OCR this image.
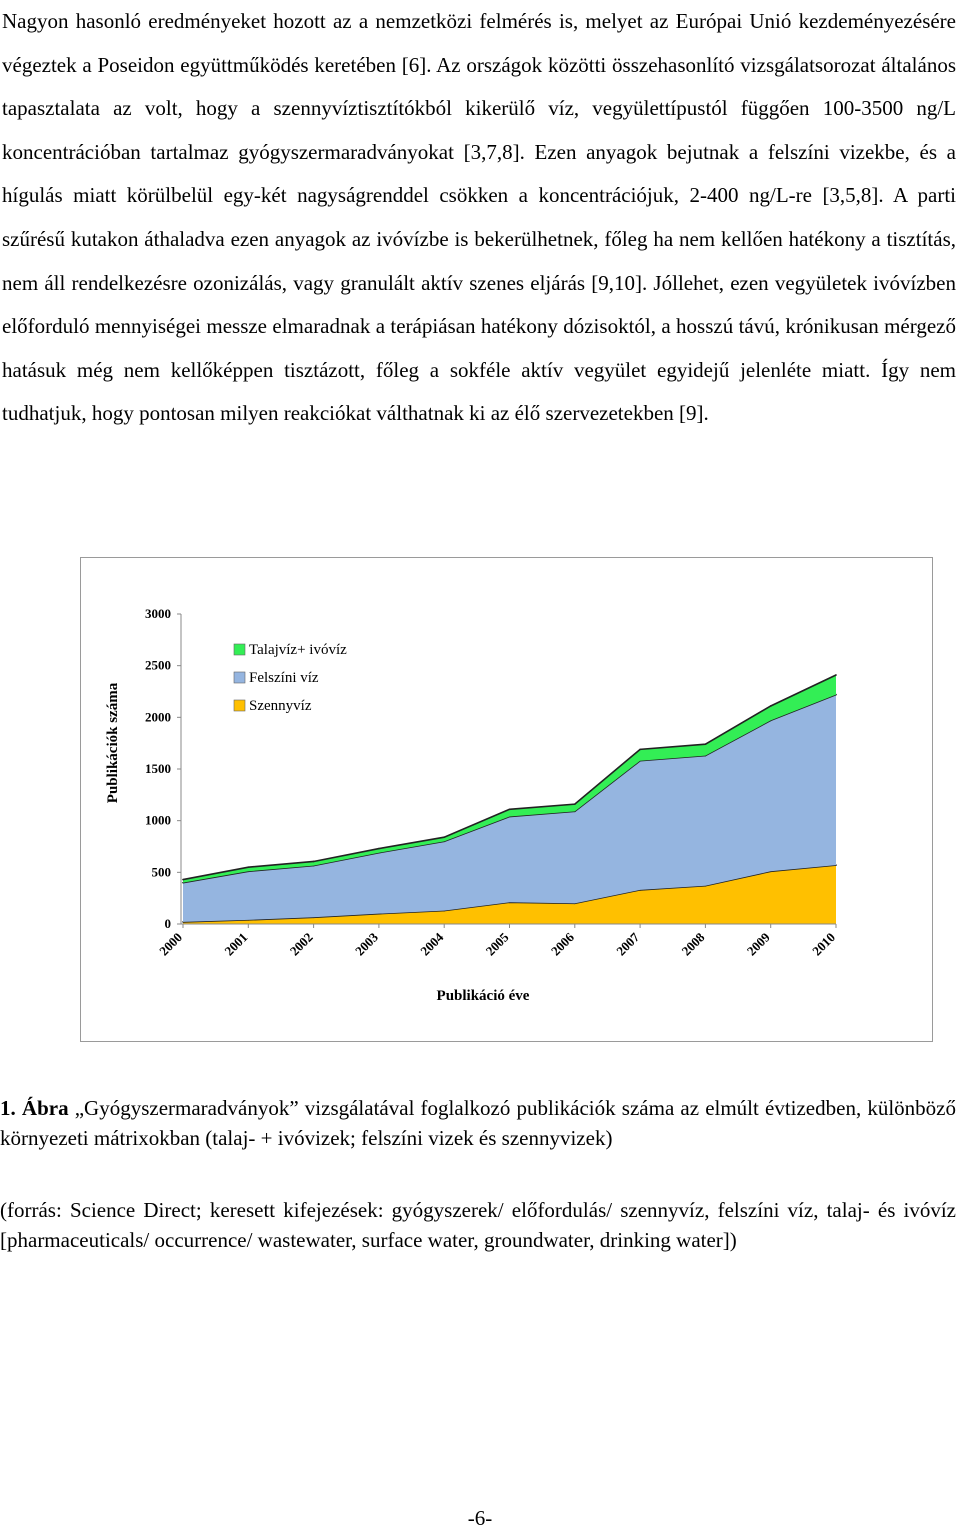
Nagyon hasonló eredményeket hozott az a nemzetközi felmérés is, melyet az Európai Unió kezdeményezésére végeztek a Poseidon együttműködés keretében [6]. Az országok közötti összehasonlító vizsgálatsorozat általános tapasztalata az volt, hogy a szennyvíztisztítókból kikerülő víz, vegyülettípustól függően 100-3500 ng/L koncentrációban tartalmaz gyógyszermaradványokat [3,7,8]. Ezen anyagok bejutnak a felszíni vizekbe, és a hígulás miatt körülbelül egy-két nagyságrenddel csökken a koncentrációjuk, 2-400 ng/L-re [3,5,8]. A parti szűrésű kutakon áthaladva ezen anyagok az ivóvízbe is bekerülhetnek, főleg ha nem kellően hatékony a tisztítás, nem áll rendelkezésre ozonizálás, vagy granulált aktív szenes eljárás [9,10]. Jóllehet, ezen vegyületek ivóvízben előforduló mennyiségei messze elmaradnak a terápiásan hatékony dózisoktól, a hosszú távú, krónikusan mérgező hatásuk még nem kellőképpen tisztázott, főleg a sokféle aktív vegyület egyidejű jelenléte miatt. Így nem tudhatjuk, hogy pontosan milyen reakciókat válthatnak ki az élő szervezetekben [9].

0
500
1000
1500
2000
2500
3000
2000	2001	2002	2003	2004	2005	2006	2007	2008	2009	2010
Publikáció éve
Publikációk száma
Talajvíz+ ivóvíz
Felszíni víz
Szennyvíz

1. Ábra „Gyógyszermaradványok” vizsgálatával foglalkozó publikációk száma az elmúlt évtizedben, különböző környezeti mátrixokban (talaj- + ivóvizek; felszíni vizek és szennyvizek)

(forrás: Science Direct; keresett kifejezések: gyógyszerek/ előfordulás/ szennyvíz, felszíni víz, talaj- és ivóvíz [pharmaceuticals/ occurrence/ wastewater, surface water, groundwater, drinking water])

-6-
